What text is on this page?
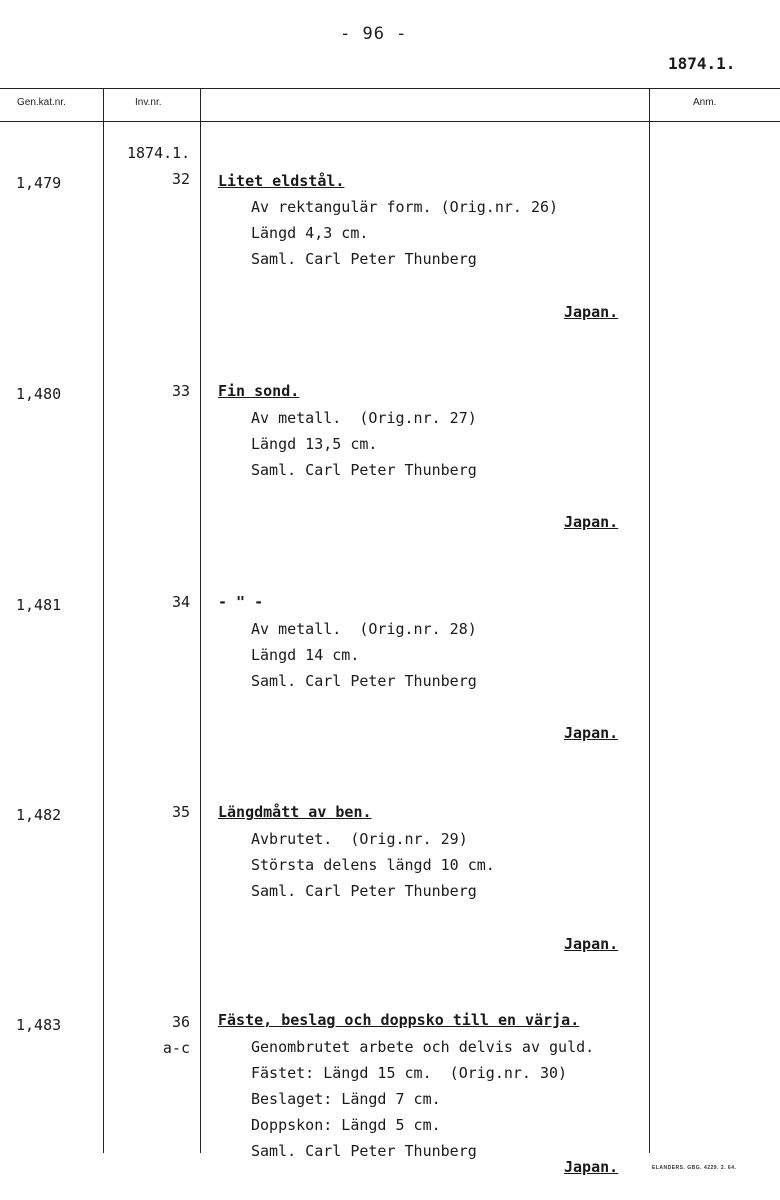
- 96 -
1874.1.
Gen.kat.nr.	Inv.nr.	Anm.
1874.1.
1,479	32 Litet eldstål.
Av rektangulär form. (Orig.nr. 26)
Längd 4,3 cm.
Saml. Carl Peter Thunberg
Japan.
1,480	33 Fin sond.
Av metall.  (Orig.nr. 27)
Längd 13,5 cm.
Saml. Carl Peter Thunberg
Japan.
1,481	34 - " -
Av metall.  (Orig.nr. 28)
Längd 14 cm.
Saml. Carl Peter Thunberg
Japan.
1,482	35 Längdmått av ben.
Avbrutet.  (Orig.nr. 29)
Största delens längd 10 cm.
Saml. Carl Peter Thunberg
Japan.
1,483	36
a-c
Fäste, beslag och doppsko till en värja.
Genombrutet arbete och delvis av guld.
Fästet: Längd 15 cm.  (Orig.nr. 30)
Beslaget: Längd 7 cm.
Doppskon: Längd 5 cm.
Saml. Carl Peter Thunberg
Japan.	ELANDERS. GBG. 4229. 2. 64.
